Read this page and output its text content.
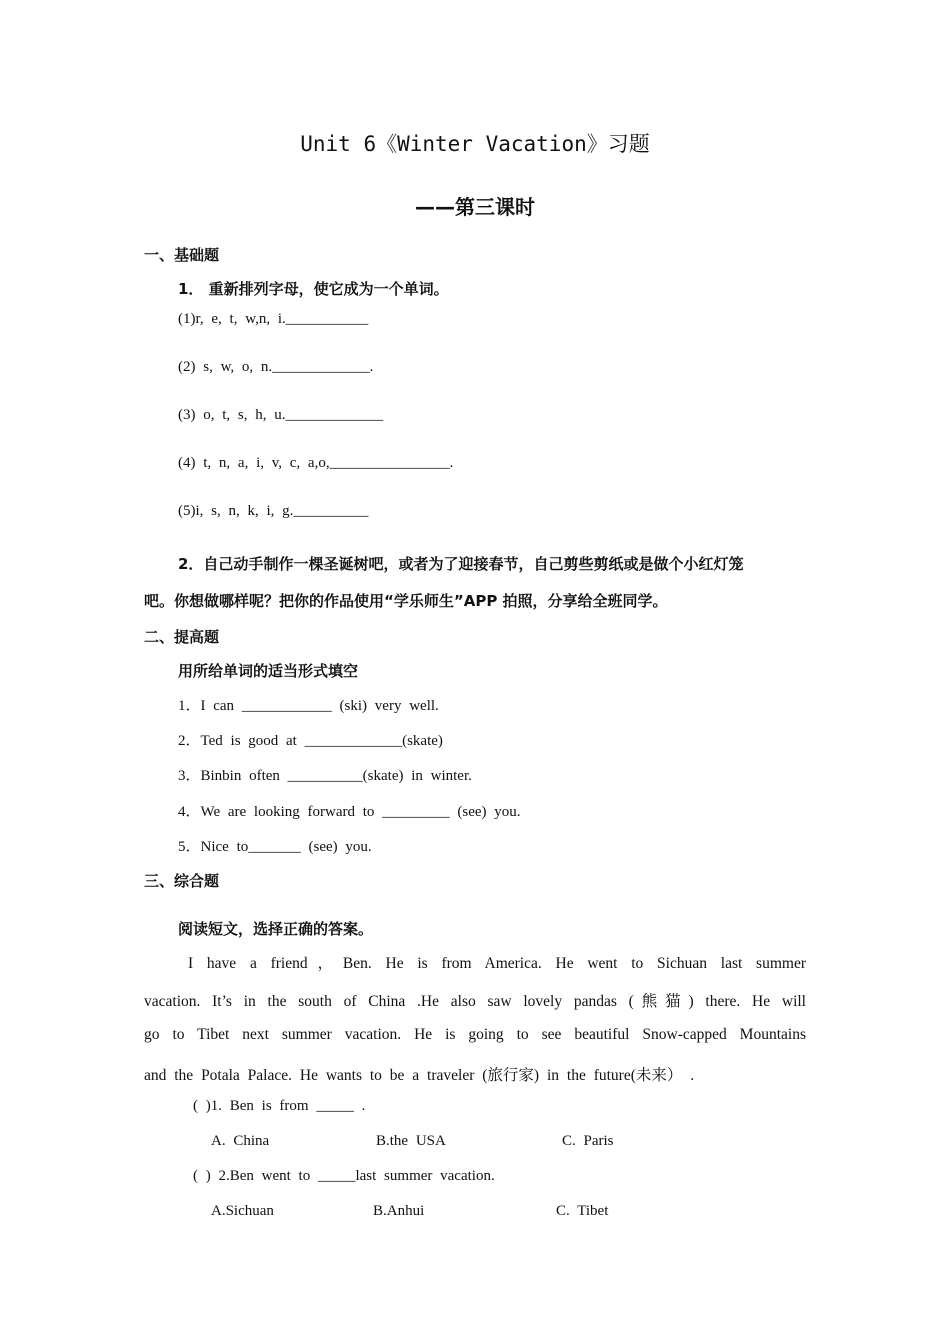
Unit 6《Winter Vacation》习题
——第三课时
一、基础题
1． 重新排列字母，使它成为一个单词。
(1)r, e, t, w,n, i.___________
(2) s, w, o, n._____________.
(3) o, t, s, h, u._____________
(4) t, n, a, i, v, c, a,o,________________.
(5)i, s, n, k, i, g.__________
2．自己动手制作一棵圣诞树吧，或者为了迎接春节，自己剪些剪纸或是做个小红灯笼
吧。你想做哪样呢？把你的作品使用“学乐师生”APP 拍照，分享给全班同学。
二、提高题
用所给单词的适当形式填空
1．I can ____________ (ski) very well.
2．Ted is good at _____________(skate)
3．Binbin often __________(skate) in winter.
4．We are looking forward to _________ (see) you.
5．Nice to_______ (see) you.
三、综合题
阅读短文，选择正确的答案。
I have a friend，Ben. He is from America. He went to Sichuan last summer
vacation. It’s in the south of China .He also saw lovely pandas (熊猫) there. He will
go to Tibet next summer vacation. He is going to see beautiful Snow-capped Mountains
and the Potala Palace. He wants to be a traveler (旅行家) in the future(未来） .
( )1. Ben is from _____ .
A. China	B.the USA	C. Paris
( ) 2.Ben went to _____last summer vacation.
A.Sichuan	B.Anhui	C. Tibet
